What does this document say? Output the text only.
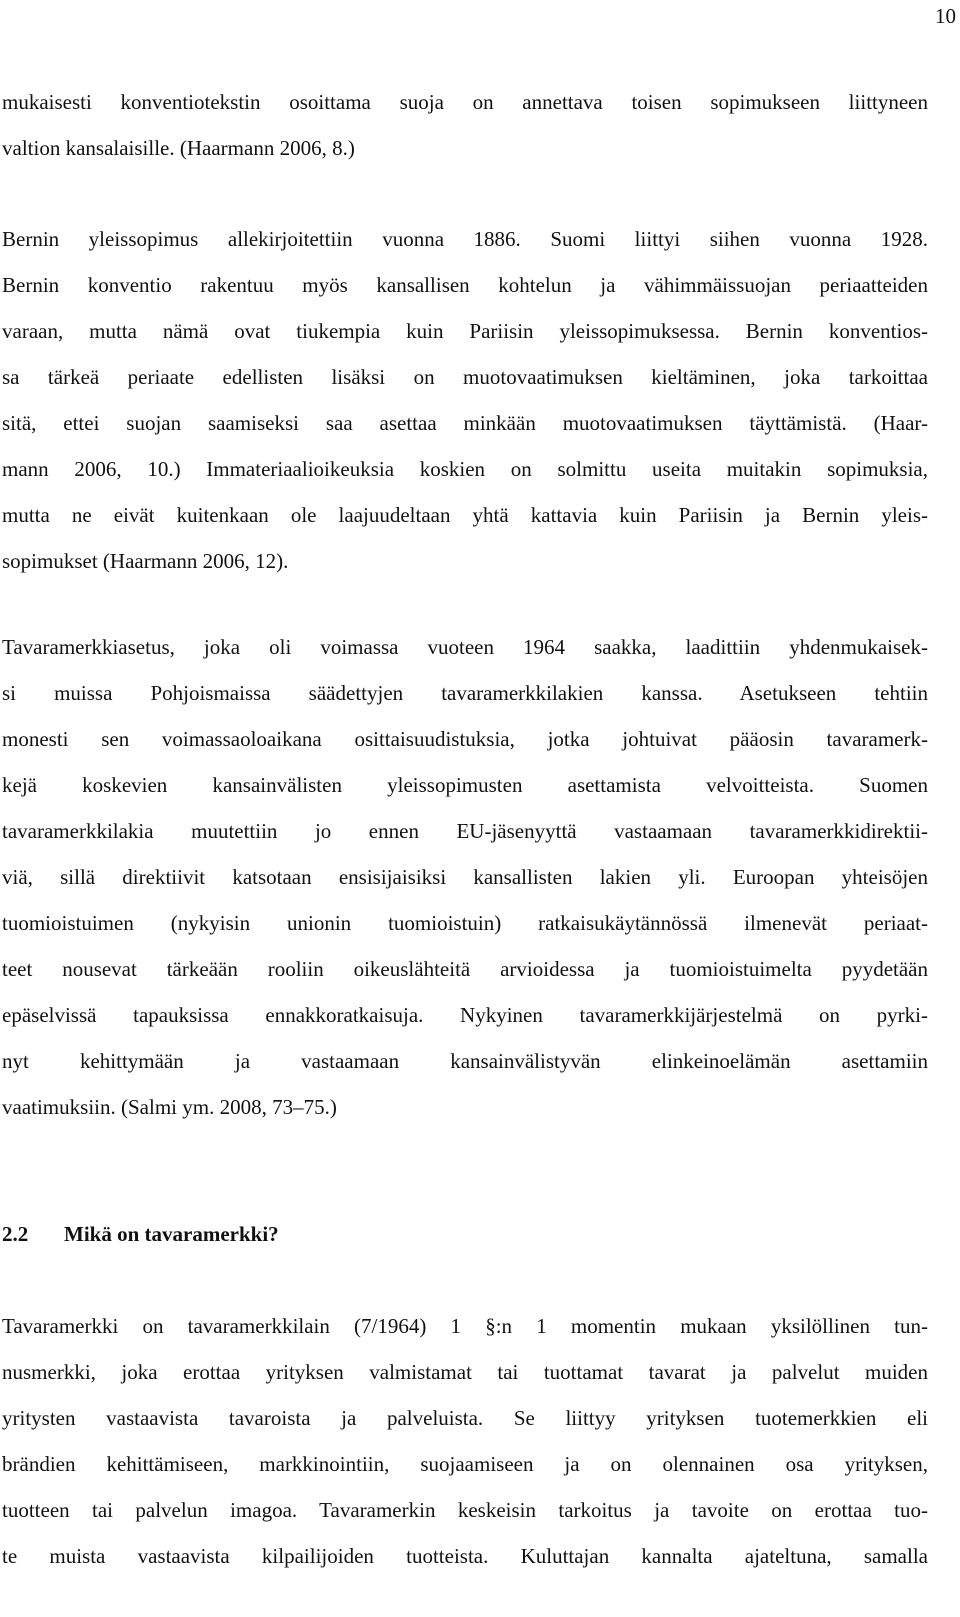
10
mukaisesti konventiotekstin osoittama suoja on annettava toisen sopimukseen liittyneen
valtion kansalaisille. (Haarmann 2006, 8.)
Bernin yleissopimus allekirjoitettiin vuonna 1886. Suomi liittyi siihen vuonna 1928.
Bernin konventio rakentuu myös kansallisen kohtelun ja vähimmäissuojan periaatteiden
varaan, mutta nämä ovat tiukempia kuin Pariisin yleissopimuksessa. Bernin konventios-
sa tärkeä periaate edellisten lisäksi on muotovaatimuksen kieltäminen, joka tarkoittaa
sitä, ettei suojan saamiseksi saa asettaa minkään muotovaatimuksen täyttämistä. (Haar-
mann 2006, 10.) Immateriaalioikeuksia koskien on solmittu useita muitakin sopimuksia,
mutta ne eivät kuitenkaan ole laajuudeltaan yhtä kattavia kuin Pariisin ja Bernin yleis-
sopimukset (Haarmann 2006, 12).
Tavaramerkkiasetus, joka oli voimassa vuoteen 1964 saakka, laadittiin yhdenmukaisek-
si muissa Pohjoismaissa säädettyjen tavaramerkkilakien kanssa. Asetukseen tehtiin
monesti sen voimassaoloaikana osittaisuudistuksia, jotka johtuivat pääosin tavaramerk-
kejä koskevien kansainvälisten yleissopimusten asettamista velvoitteista. Suomen
tavaramerkkilakia muutettiin jo ennen EU-jäsenyyttä vastaamaan tavaramerkkidirektii-
viä, sillä direktiivit katsotaan ensisijaisiksi kansallisten lakien yli. Euroopan yhteisöjen
tuomioistuimen (nykyisin unionin tuomioistuin) ratkaisukäytännössä ilmenevät periaat-
teet nousevat tärkeään rooliin oikeuslähteitä arvioidessa ja tuomioistuimelta pyydetään
epäselvissä tapauksissa ennakkoratkaisuja. Nykyinen tavaramerkkijärjestelmä on pyrki-
nyt kehittymään ja vastaamaan kansainvälistyvän elinkeinoelämän asettamiin
vaatimuksiin. (Salmi ym. 2008, 73–75.)
2.2 Mikä on tavaramerkki?
Tavaramerkki on tavaramerkkilain (7/1964) 1 §:n 1 momentin mukaan yksilöllinen tun-
nusmerkki, joka erottaa yrityksen valmistamat tai tuottamat tavarat ja palvelut muiden
yritysten vastaavista tavaroista ja palveluista. Se liittyy yrityksen tuotemerkkien eli
brändien kehittämiseen, markkinointiin, suojaamiseen ja on olennainen osa yrityksen,
tuotteen tai palvelun imagoa. Tavaramerkin keskeisin tarkoitus ja tavoite on erottaa tuo-
te muista vastaavista kilpailijoiden tuotteista. Kuluttajan kannalta ajateltuna, samalla
